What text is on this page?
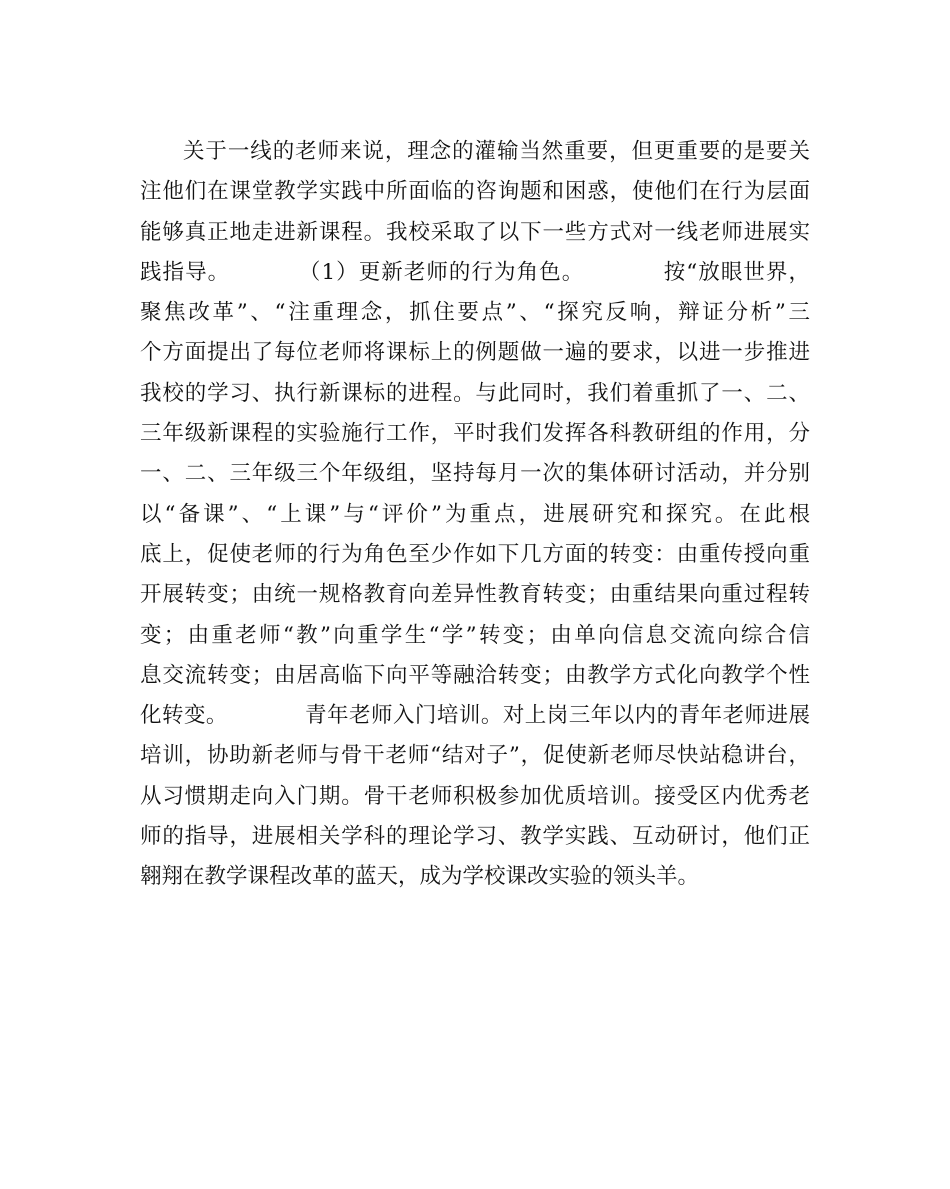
关于一线的老师来说，理念的灌输当然重要，但更重要的是要关
注他们在课堂教学实践中所面临的咨询题和困惑，使他们在行为层面
能够真正地走进新课程。我校采取了以下一些方式对一线老师进展实
践指导。　　　　（1）更新老师的行为角色。　　　　按“放眼世界，
聚焦改革”、“注重理念，抓住要点”、“探究反响，辩证分析”三
个方面提出了每位老师将课标上的例题做一遍的要求，以进一步推进
我校的学习、执行新课标的进程。与此同时，我们着重抓了一、二、
三年级新课程的实验施行工作，平时我们发挥各科教研组的作用，分
一、二、三年级三个年级组，坚持每月一次的集体研讨活动，并分别
以“备课”、“上课”与“评价”为重点，进展研究和探究。在此根
底上，促使老师的行为角色至少作如下几方面的转变：由重传授向重
开展转变；由统一规格教育向差异性教育转变；由重结果向重过程转
变；由重老师“教”向重学生“学”转变；由单向信息交流向综合信
息交流转变；由居高临下向平等融洽转变；由教学方式化向教学个性
化转变。　　　　青年老师入门培训。对上岗三年以内的青年老师进展
培训，协助新老师与骨干老师“结对子”，促使新老师尽快站稳讲台，
从习惯期走向入门期。骨干老师积极参加优质培训。接受区内优秀老
师的指导，进展相关学科的理论学习、教学实践、互动研讨，他们正
翱翔在教学课程改革的蓝天，成为学校课改实验的领头羊。
